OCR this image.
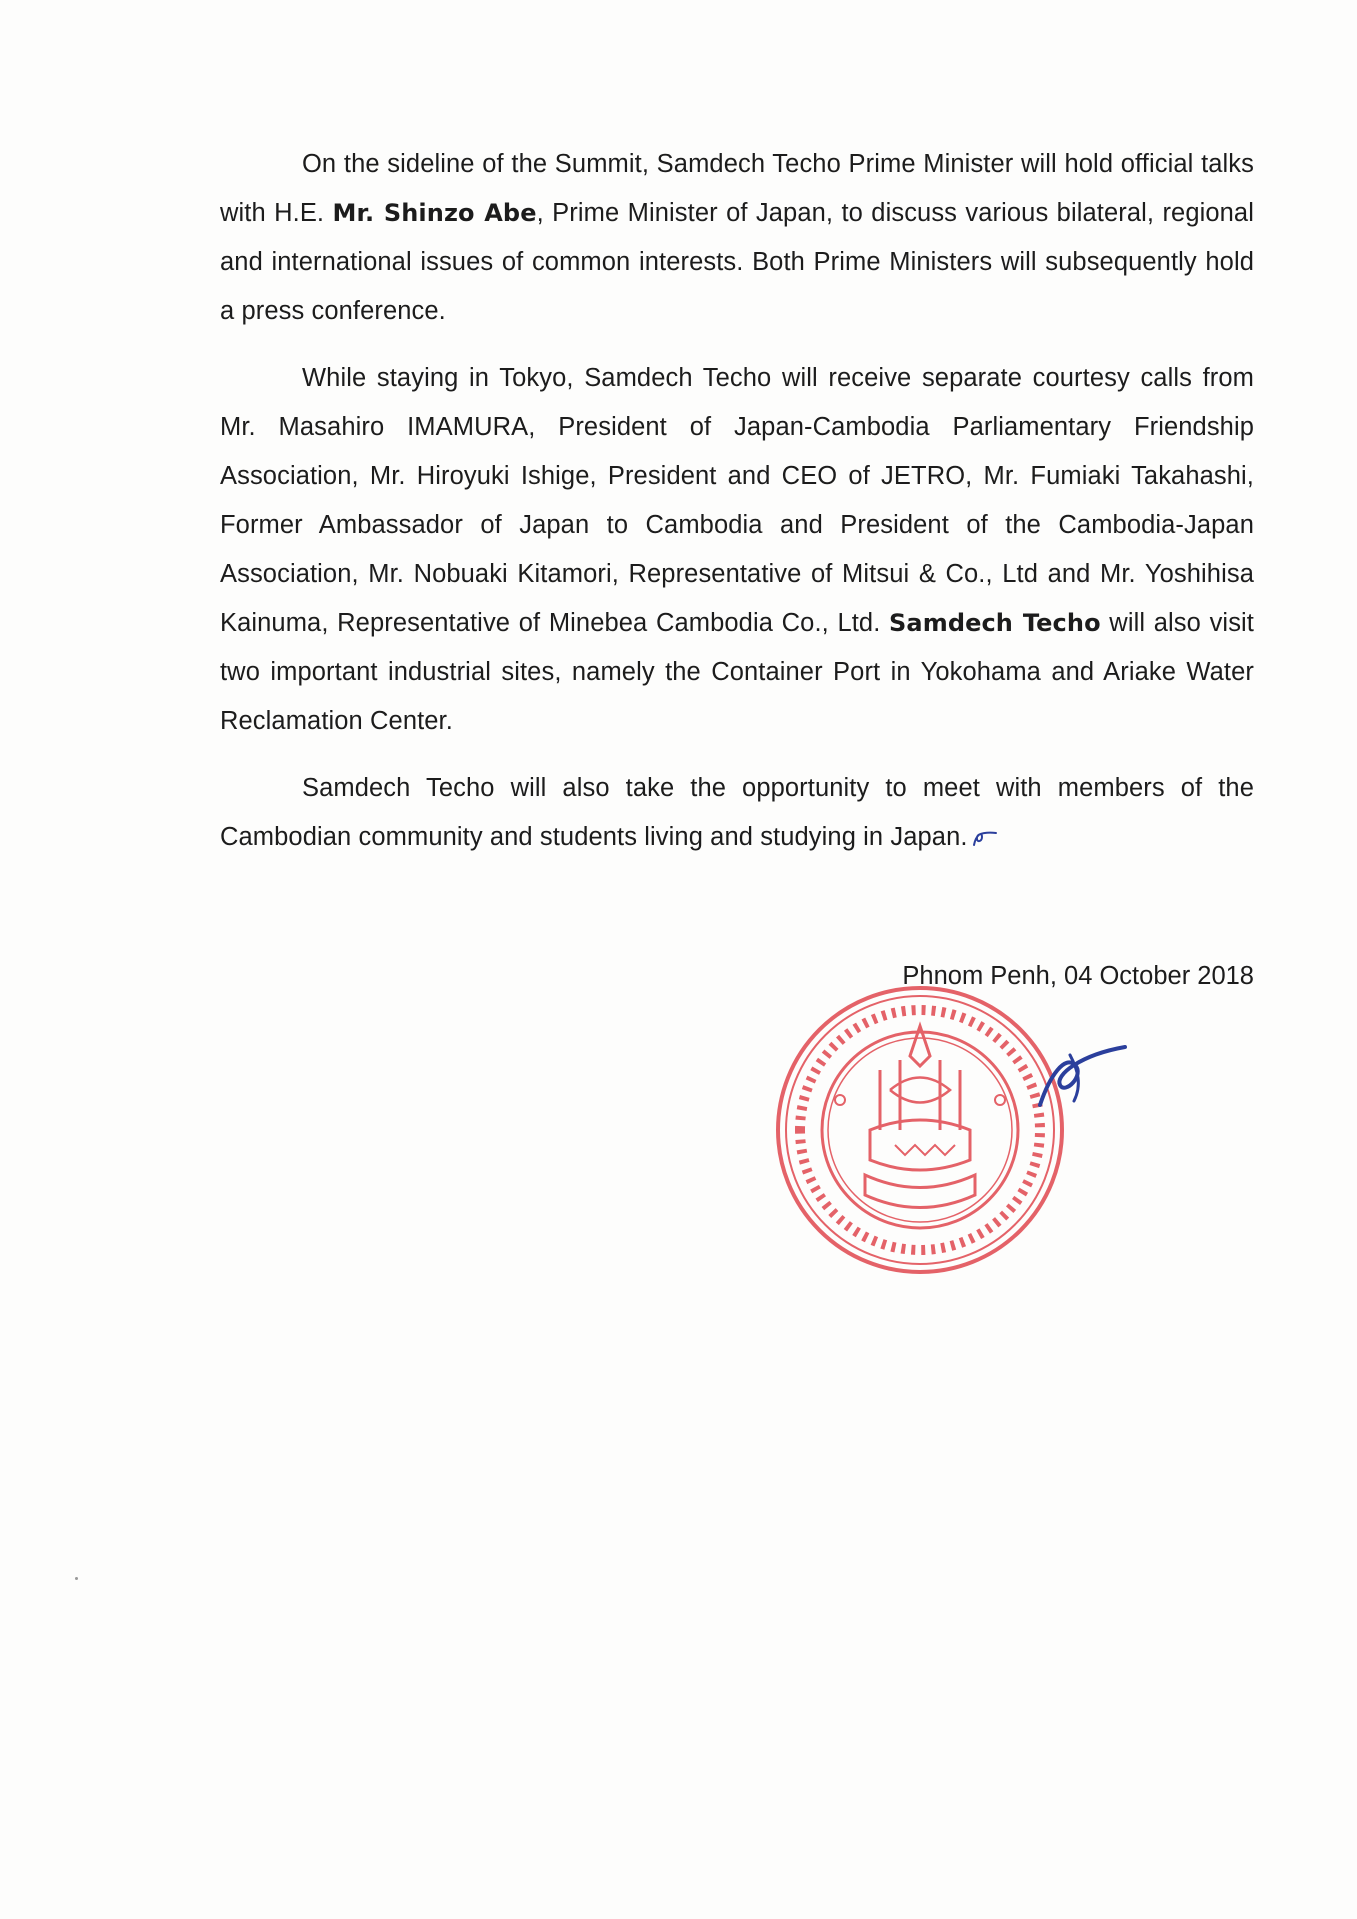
On the sideline of the Summit, Samdech Techo Prime Minister will hold official talks with H.E. Mr. Shinzo Abe, Prime Minister of Japan, to discuss various bilateral, regional and international issues of common interests. Both Prime Ministers will subsequently hold a press conference.

While staying in Tokyo, Samdech Techo will receive separate courtesy calls from Mr. Masahiro IMAMURA, President of Japan-Cambodia Parliamentary Friendship Association, Mr. Hiroyuki Ishige, President and CEO of JETRO, Mr. Fumiaki Takahashi, Former Ambassador of Japan to Cambodia and President of the Cambodia-Japan Association, Mr. Nobuaki Kitamori, Representative of Mitsui & Co., Ltd and Mr. Yoshihisa Kainuma, Representative of Minebea Cambodia Co., Ltd. Samdech Techo will also visit two important industrial sites, namely the Container Port in Yokohama and Ariake Water Reclamation Center.

Samdech Techo will also take the opportunity to meet with members of the Cambodian community and students living and studying in Japan.

Phnom Penh, 04 October 2018
